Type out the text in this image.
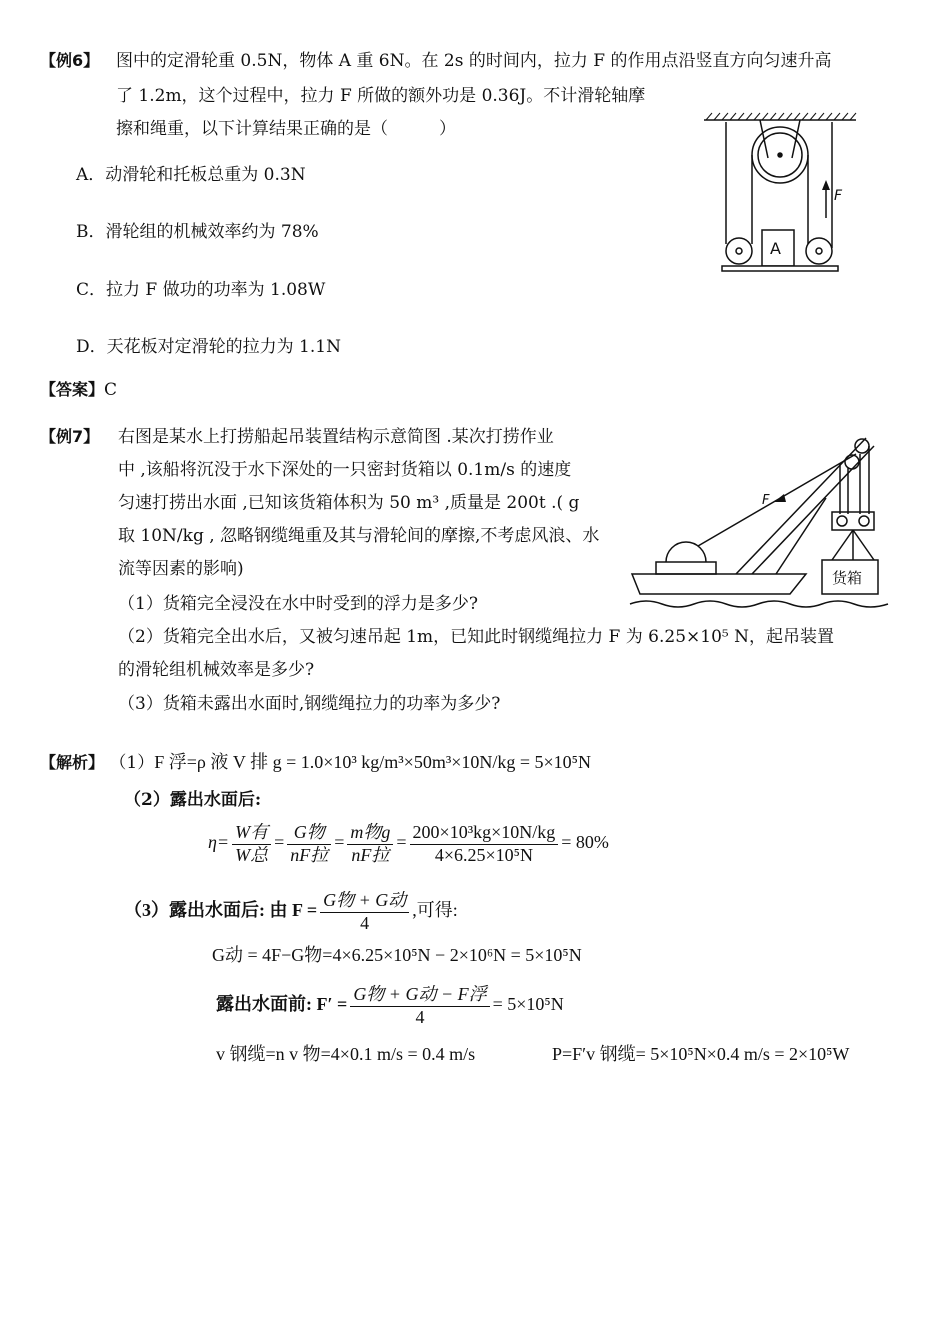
【例6】 图中的定滑轮重 0.5N，物体 A 重 6N。在 2s 的时间内，拉力 F 的作用点沿竖直方向匀速升高
了 1.2m，这个过程中，拉力 F 所做的额外功是 0.36J。不计滑轮轴摩
擦和绳重，以下计算结果正确的是（　　　）
A．动滑轮和托板总重为 0.3N
B．滑轮组的机械效率约为 78%
C．拉力 F 做功的功率为 1.08W
D．天花板对定滑轮的拉力为 1.1N
【答案】C
A
F
【例7】 右图是某水上打捞船起吊装置结构示意简图 .某次打捞作业
中 ,该船将沉没于水下深处的一只密封货箱以 0.1m/s 的速度
匀速打捞出水面 ,已知该货箱体积为 50 m³ ,质量是 200t .( g
取 10N/kg , 忽略钢缆绳重及其与滑轮间的摩擦,不考虑风浪、水
流等因素的影响)
（1）货箱完全浸没在水中时受到的浮力是多少?
（2）货箱完全出水后，又被匀速吊起 1m，已知此时钢缆绳拉力 F 为 6.25×10⁵ N，起吊装置
的滑轮组机械效率是多少?
（3）货箱未露出水面时,钢缆绳拉力的功率为多少?
F
货箱
【解析】 （1）F 浮=ρ 液 V 排 g = 1.0×10³ kg/m³×50m³×10N/kg = 5×10⁵N
（2）露出水面后:
$\eta= \frac{\text{W有}}{\text{W总}} = \frac{\text{G物}}{\text{nF拉}} = \frac{\text{m物g}}{\text{nF拉}} = \frac{\text{200×10³kg×10N/kg}}{\text{4×6.25×10⁵N}} = 80\%$
（3）露出水面后: 由 $F = \frac{\text{G物 + G动}}{4}$ ,可得:
G动 = 4F−G物=4×6.25×10⁵N − 2×10⁶N = 5×10⁵N
露出水面前: $F' = \frac{\text{G物 + G动 − F浮}}{4} = 5\times 10^5N$
v 钢缆=n v 物=4×0.1 m/s = 0.4 m/s	P=F′v 钢缆= 5×10⁵N×0.4 m/s = 2×10⁵W
